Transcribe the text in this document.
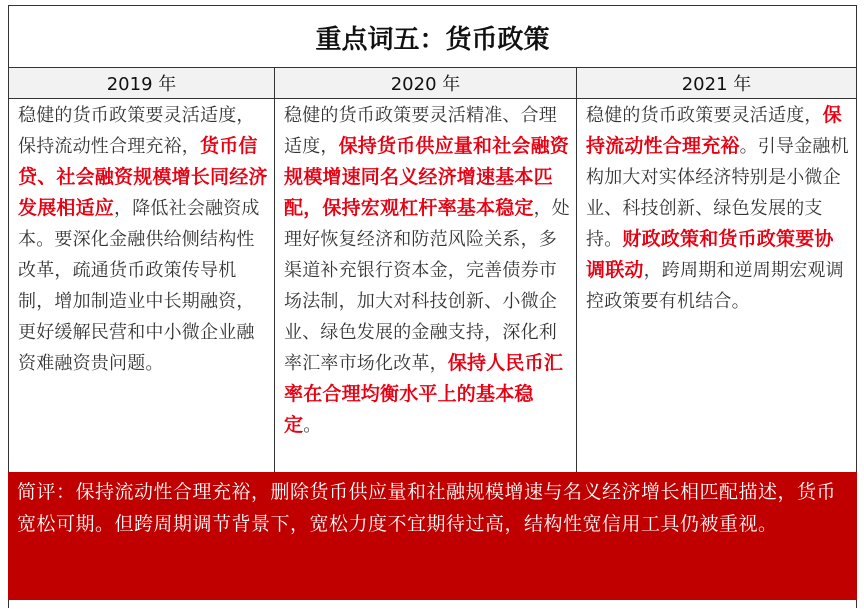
重点词五：货币政策
2019 年	2020 年	2021 年
稳健的货币政策要灵活适度，保持流动性合理充裕，货币信贷、社会融资规模增长同经济发展相适应，降低社会融资成本。要深化金融供给侧结构性改革，疏通货币政策传导机制，增加制造业中长期融资，更好缓解民营和中小微企业融资难融资贵问题。
稳健的货币政策要灵活精准、合理适度，保持货币供应量和社会融资规模增速同名义经济增速基本匹配，保持宏观杠杆率基本稳定，处理好恢复经济和防范风险关系，多渠道补充银行资本金，完善债券市场法制，加大对科技创新、小微企业、绿色发展的金融支持，深化利率汇率市场化改革，保持人民币汇率在合理均衡水平上的基本稳定。
稳健的货币政策要灵活适度，保持流动性合理充裕。引导金融机构加大对实体经济特别是小微企业、科技创新、绿色发展的支持。财政政策和货币政策要协调联动，跨周期和逆周期宏观调控政策要有机结合。
简评：保持流动性合理充裕，删除货币供应量和社融规模增速与名义经济增长相匹配描述，货币宽松可期。但跨周期调节背景下，宽松力度不宜期待过高，结构性宽信用工具仍被重视。
